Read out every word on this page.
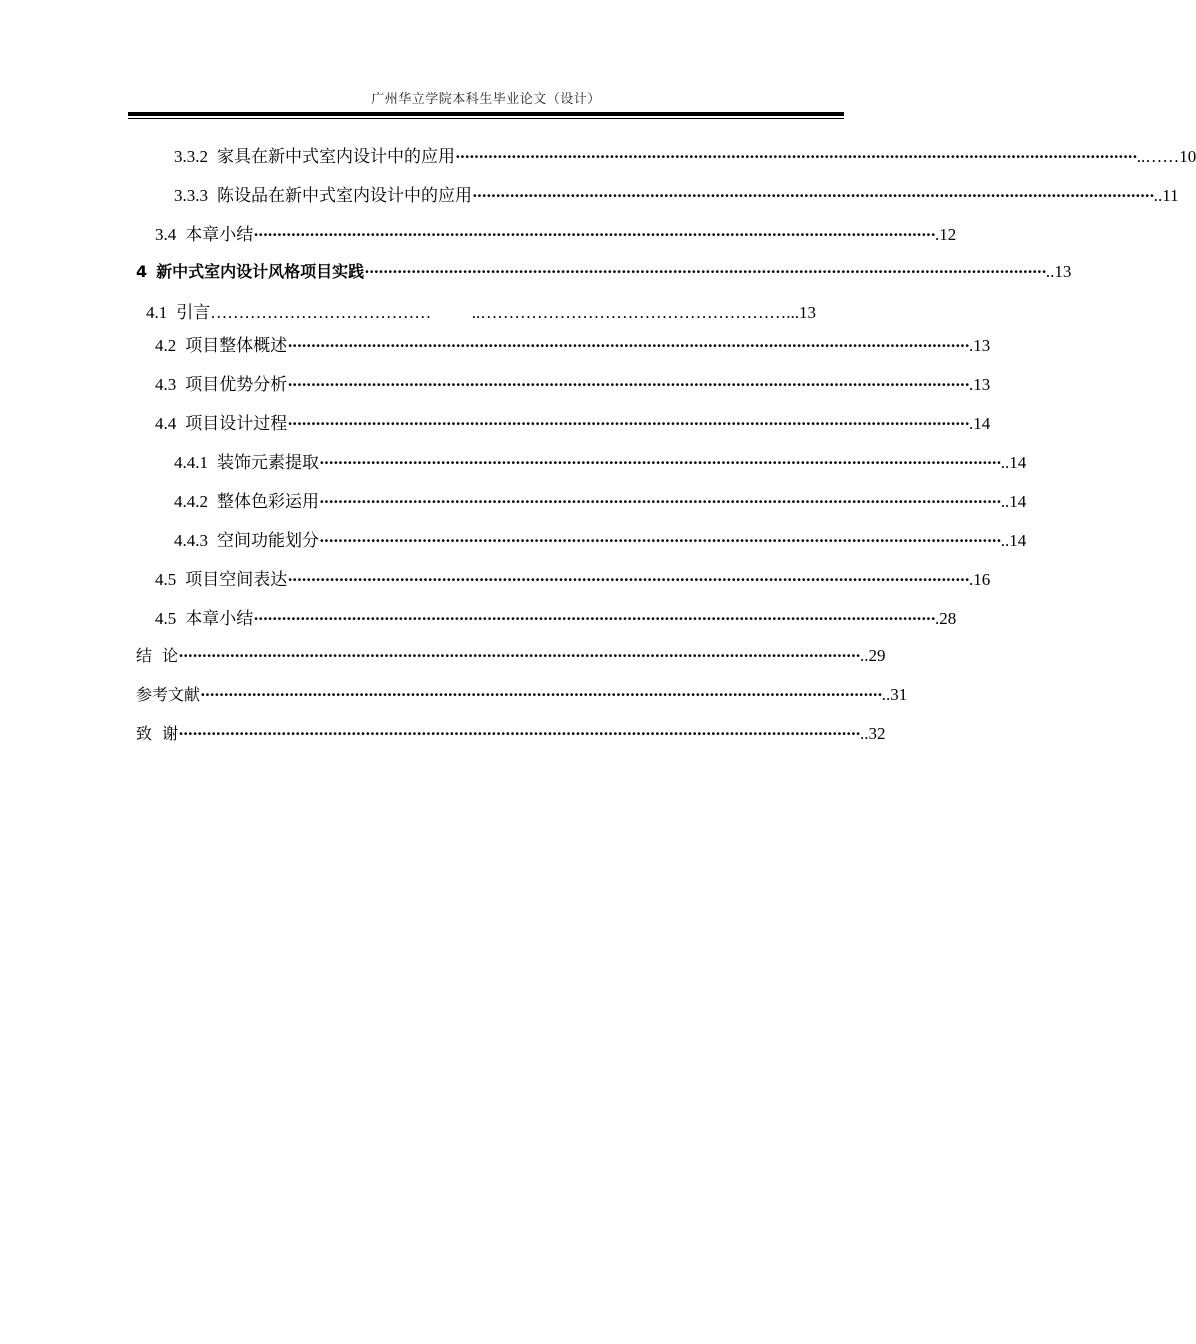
广州华立学院本科生毕业论文（设计）
3.3.2 家具在新中式室内设计中的应用 ·················································································································································· ..……10
3.3.3 陈设品在新中式室内设计中的应用 ·················································································································································· ..11
3.4 本章小结 ·················································································································································· .12
4 新中式室内设计风格项目实践 ·················································································································································· ..13
4.1 引言 …………………………………	..………………………………………………...13
4.2 项目整体概述 ·················································································································································· .13
4.3 项目优势分析 ·················································································································································· .13
4.4 项目设计过程 ·················································································································································· .14
4.4.1 装饰元素提取 ·················································································································································· ..14
4.4.2 整体色彩运用 ·················································································································································· ..14
4.4.3 空间功能划分 ·················································································································································· ..14
4.5 项目空间表达 ·················································································································································· .16
4.5 本章小结 ·················································································································································· .28
结  论 ·················································································································································· ..29
参考文献 ·················································································································································· ..31
致  谢 ·················································································································································· ..32
